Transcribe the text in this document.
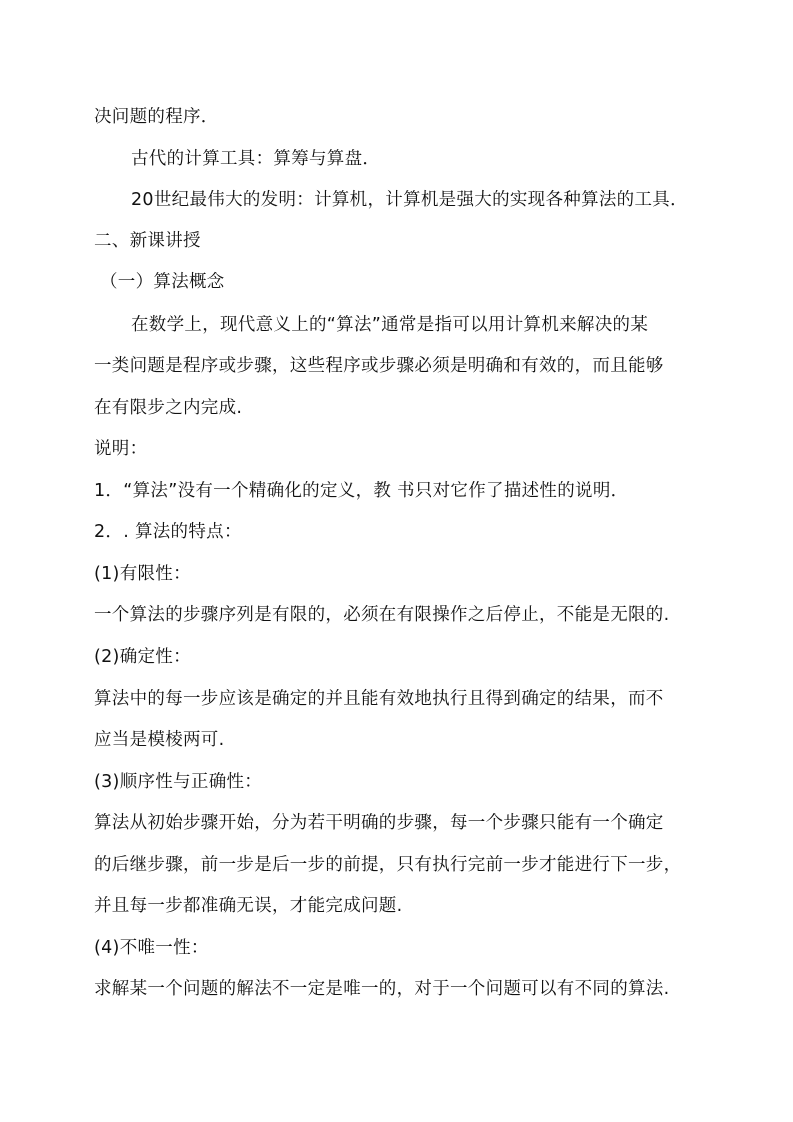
决问题的程序．
古代的计算工具：算筹与算盘．
20世纪最伟大的发明：计算机，计算机是强大的实现各种算法的工具．
二、新课讲授
（一）算法概念
在数学上，现代意义上的“算法”通常是指可以用计算机来解决的某
一类问题是程序或步骤，这些程序或步骤必须是明确和有效的，而且能够
在有限步之内完成.
说明：
1．“算法”没有一个精确化的定义，教 书只对它作了描述性的说明．
2．. 算法的特点：
(1)有限性：
一个算法的步骤序列是有限的，必须在有限操作之后停止，不能是无限的.
(2)确定性：
算法中的每一步应该是确定的并且能有效地执行且得到确定的结果，而不
应当是模棱两可.
(3)顺序性与正确性：
算法从初始步骤开始，分为若干明确的步骤，每一个步骤只能有一个确定
的后继步骤，前一步是后一步的前提，只有执行完前一步才能进行下一步，
并且每一步都准确无误，才能完成问题.
(4)不唯一性：
求解某一个问题的解法不一定是唯一的，对于一个问题可以有不同的算法.
